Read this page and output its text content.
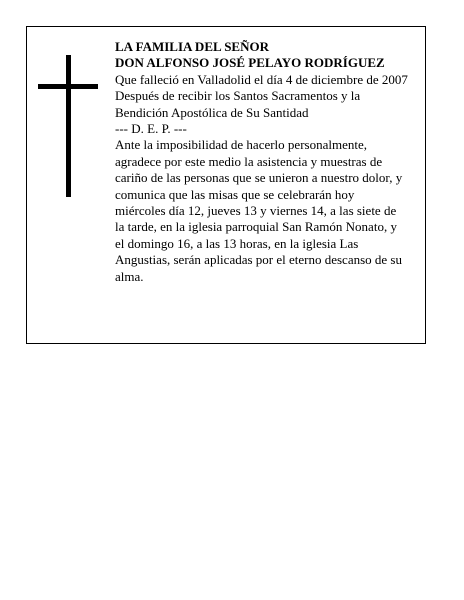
LA FAMILIA DEL SEÑOR
DON ALFONSO JOSÉ PELAYO RODRÍGUEZ
Que falleció en Valladolid el día 4 de diciembre de 2007
Después de recibir los Santos Sacramentos y la
Bendición Apostólica de Su Santidad
--- D. E. P. ---
Ante la imposibilidad de hacerlo personalmente,
agradece por este medio la asistencia y muestras de
cariño de las personas que se unieron a nuestro dolor, y
comunica que las misas que se celebrarán hoy
miércoles día 12, jueves 13 y viernes 14, a las siete de
la tarde, en la iglesia parroquial San Ramón Nonato, y
el domingo 16, a las 13 horas, en la iglesia Las
Angustias, serán aplicadas por el eterno descanso de su
alma.
